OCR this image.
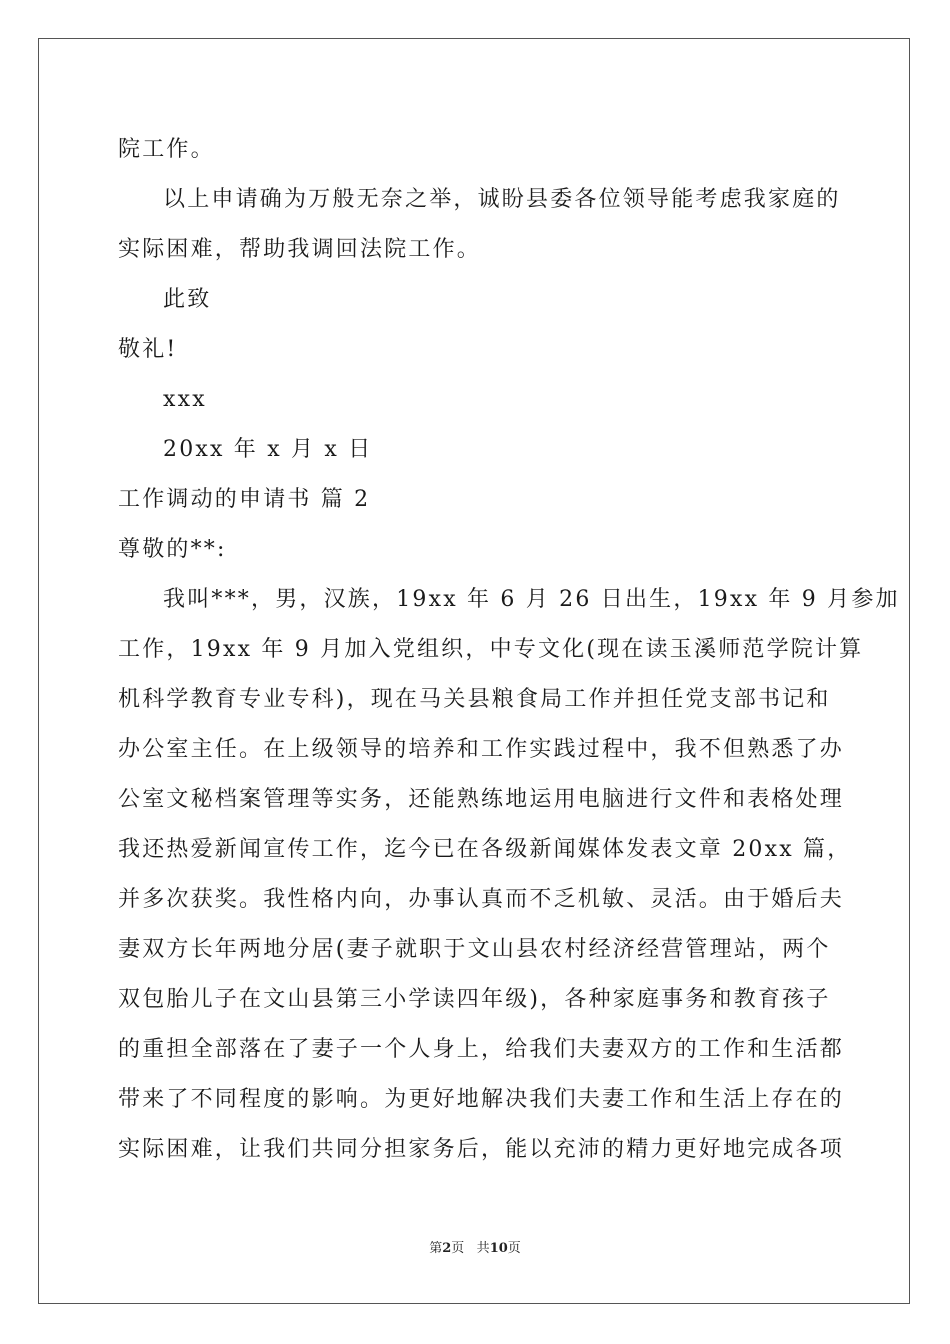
院工作。
以上申请确为万般无奈之举，诚盼县委各位领导能考虑我家庭的
实际困难，帮助我调回法院工作。
此致
敬礼!
xxx
20xx 年 x 月 x 日
工作调动的申请书 篇 2
尊敬的**:
我叫***，男，汉族，19xx 年 6 月 26 日出生，19xx 年 9 月参加
工作，19xx 年 9 月加入党组织，中专文化(现在读玉溪师范学院计算
机科学教育专业专科)，现在马关县粮食局工作并担任党支部书记和
办公室主任。在上级领导的培养和工作实践过程中，我不但熟悉了办
公室文秘档案管理等实务，还能熟练地运用电脑进行文件和表格处理
我还热爱新闻宣传工作，迄今已在各级新闻媒体发表文章 20xx 篇，
并多次获奖。我性格内向，办事认真而不乏机敏、灵活。由于婚后夫
妻双方长年两地分居(妻子就职于文山县农村经济经营管理站，两个
双包胎儿子在文山县第三小学读四年级)，各种家庭事务和教育孩子
的重担全部落在了妻子一个人身上，给我们夫妻双方的工作和生活都
带来了不同程度的影响。为更好地解决我们夫妻工作和生活上存在的
实际困难，让我们共同分担家务后，能以充沛的精力更好地完成各项
第2页 共10页
